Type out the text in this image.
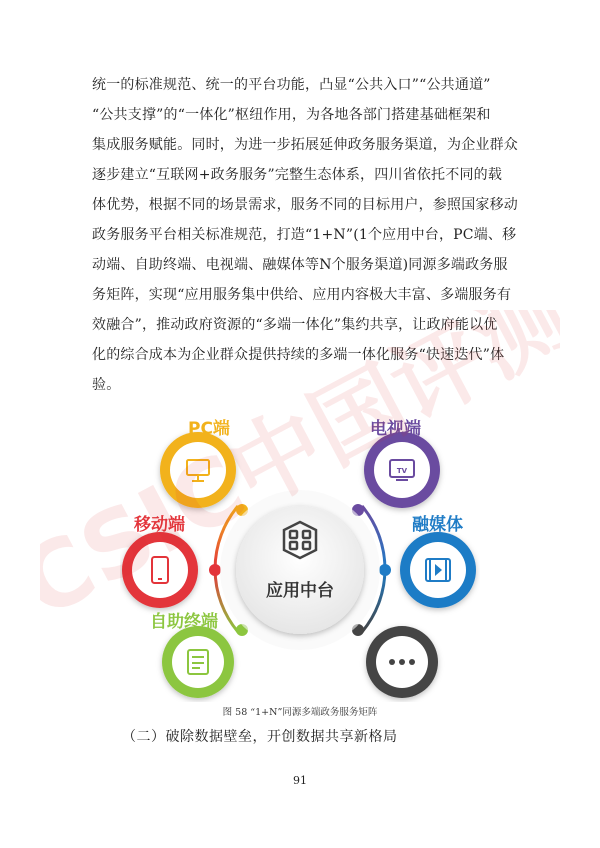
统一的标准规范、统一的平台功能，凸显“公共入口”“公共通道”
“公共支撑”的“一体化”枢纽作用，为各地各部门搭建基础框架和
集成服务赋能。同时，为进一步拓展延伸政务服务渠道，为企业群众
逐步建立“互联网+政务服务”完整生态体系，四川省依托不同的载
体优势，根据不同的场景需求，服务不同的目标用户，参照国家移动
政务服务平台相关标准规范，打造“1+N”(1个应用中台，PC端、移
动端、自助终端、电视端、融媒体等N个服务渠道)同源多端政务服
务矩阵，实现“应用服务集中供给、应用内容极大丰富、多端服务有
效融合”，推动政府资源的“多端一体化”集约共享，让政府能以优
化的综合成本为企业群众提供持续的多端一体化服务“快速迭代”体
验。
应用中台
TV
PC端
移动端
自助终端
电视端
融媒体
CSIC中国评测
图 58 “1+N”同源多端政务服务矩阵
（二）破除数据壁垒，开创数据共享新格局
91
